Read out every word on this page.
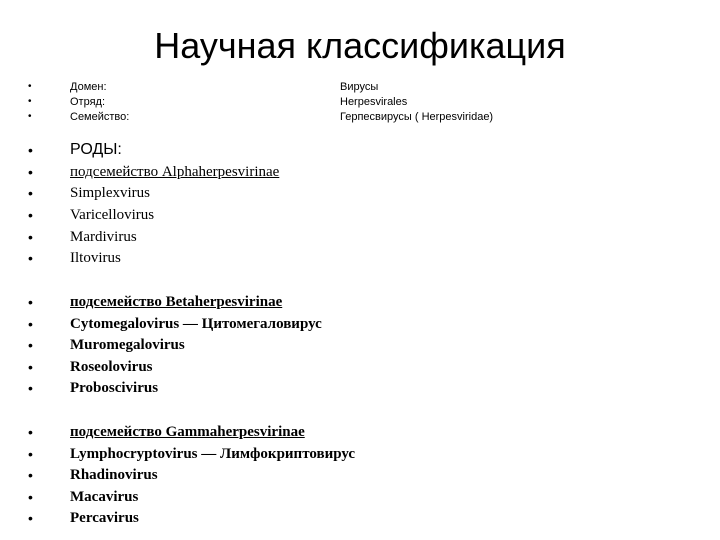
Научная классификация
•	Домен:	Вирусы
•	Отряд:	Herpesvirales
•	Семейство:	Герпесвирусы ( Herpesviridae)
• РОДЫ:
• подсемейство Alphaherpesvirinae
• Simplexvirus
• Varicellovirus
• Mardivirus
• Iltovirus
• подсемейство Betaherpesvirinae
• Cytomegalovirus — Цитомегаловирус
• Muromegalovirus
• Roseolovirus
• Proboscivirus
• подсемейство Gammaherpesvirinae
• Lymphocryptovirus — Лимфокриптовирус
• Rhadinovirus
• Macavirus
• Percavirus
